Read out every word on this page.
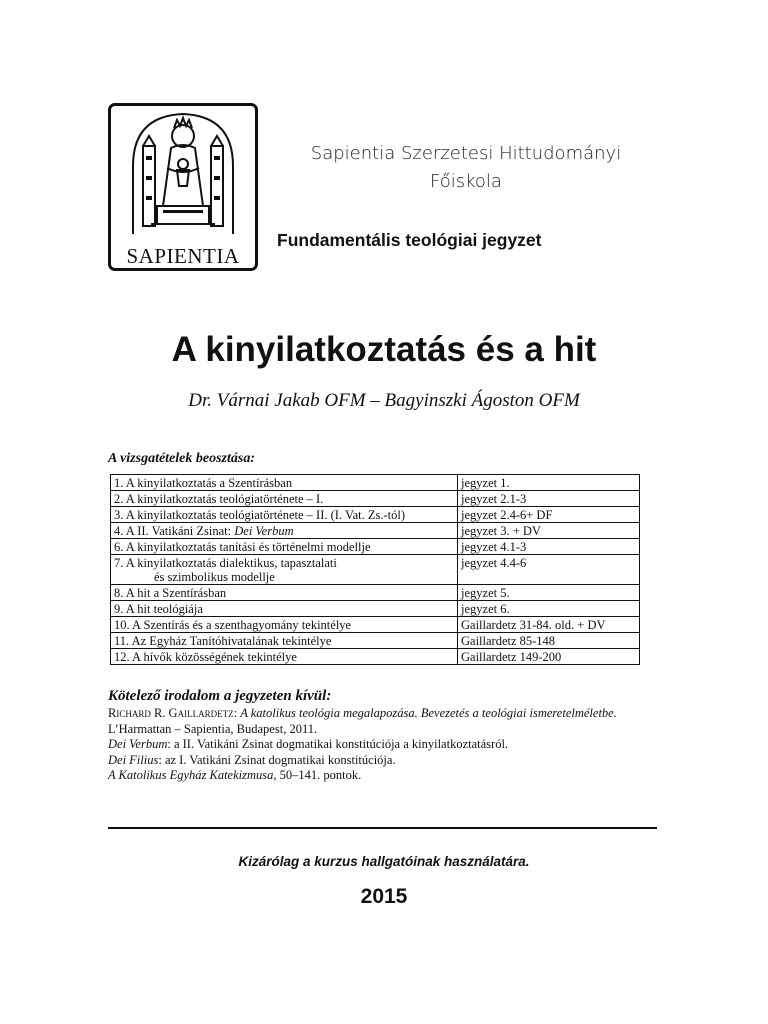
SAPIENTIA
Sapientia Szerzetesi Hittudományi
Főiskola
Fundamentális teológiai jegyzet
A kinyilatkoztatás és a hit
Dr. Várnai Jakab OFM – Bagyinszki Ágoston OFM
A vizsgatételek beosztása:
1. A kinyilatkoztatás a Szentírásban	jegyzet 1.
2. A kinyilatkoztatás teológiatörténete – I.	jegyzet 2.1-3
3. A kinyilatkoztatás teológiatörténete – II. (I. Vat. Zs.-tól)	jegyzet 2.4-6+ DF
4. A II. Vatikáni Zsinat: Dei Verbum	jegyzet 3. + DV
6. A kinyilatkoztatás tanítási és történelmi modellje	jegyzet 4.1-3
7. A kinyilatkoztatás dialektikus, tapasztalati
és szimbolikus modellje	jegyzet 4.4-6
8. A hit a Szentírásban	jegyzet 5.
9. A hit teológiája	jegyzet 6.
10. A Szentírás és a szenthagyomány tekintélye	Gaillardetz 31-84. old. + DV
11. Az Egyház Tanítóhivatalának tekintélye	Gaillardetz 85-148
12. A hívők közösségének tekintélye	Gaillardetz 149-200
Kötelező irodalom a jegyzeten kívül:

Richard R. Gaillardetz: A katolikus teológia megalapozása. Bevezetés a teológiai ismeretelméletbe. L’Harmattan – Sapientia, Budapest, 2011.

Dei Verbum: a II. Vatikáni Zsinat dogmatikai konstitúciója a kinyilatkoztatásról.

Dei Filius: az I. Vatikáni Zsinat dogmatikai konstitúciója.

A Katolikus Egyház Katekizmusa, 50–141. pontok.

Kizárólag a kurzus hallgatóinak használatára.
2015
